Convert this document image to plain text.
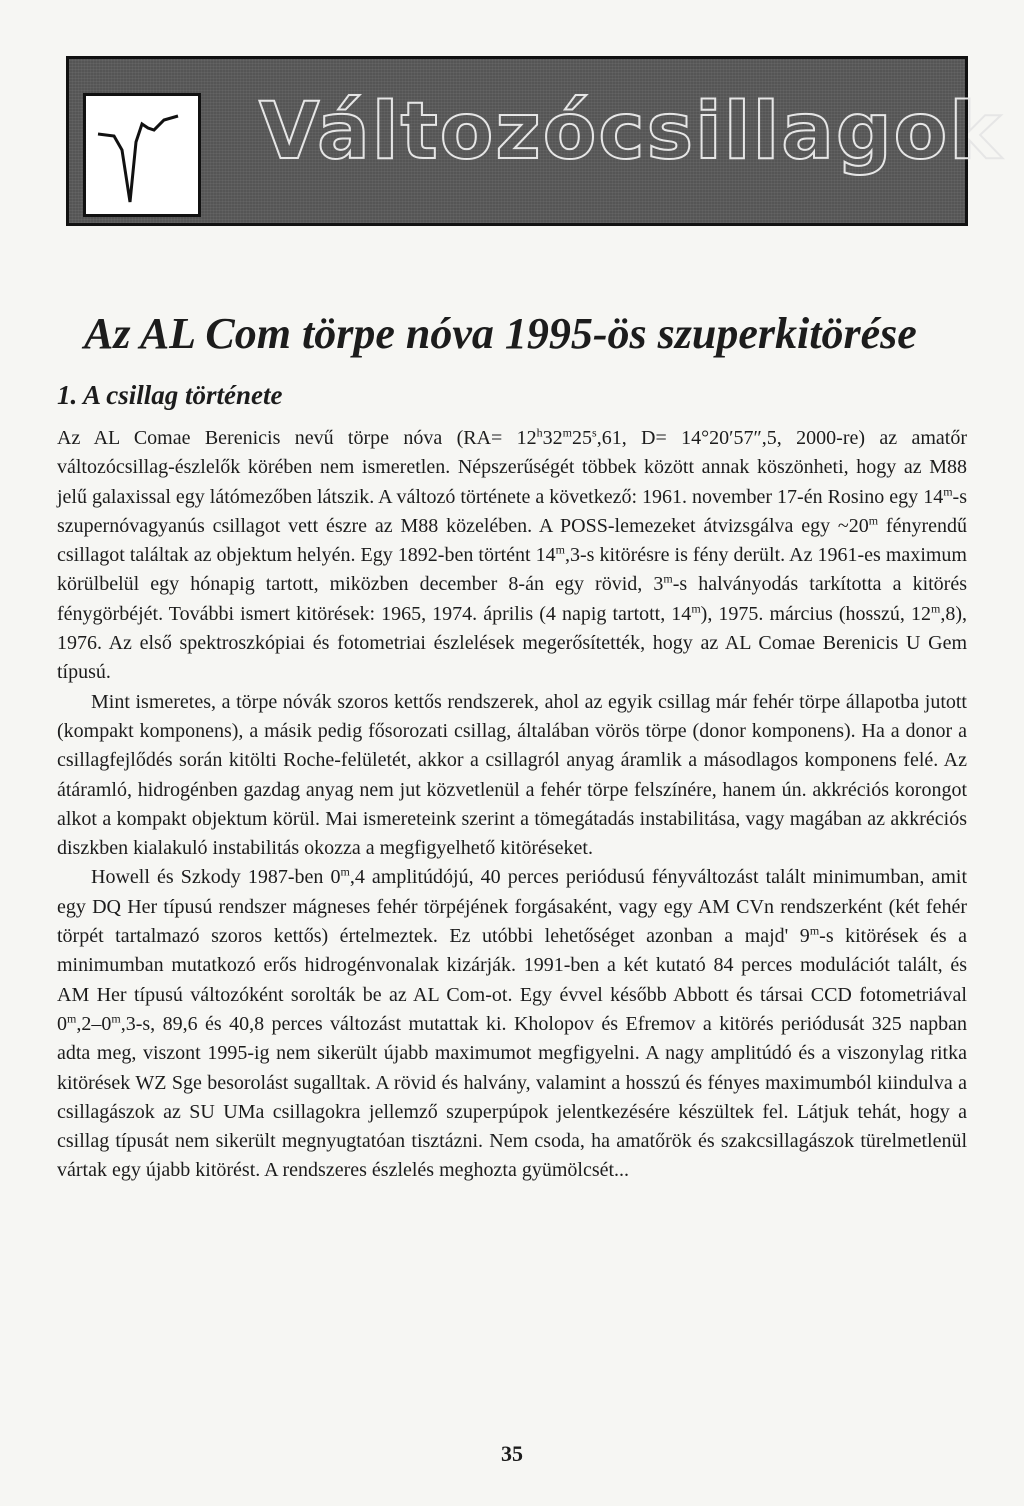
Változócsillagok
Az AL Com törpe nóva 1995-ös szuperkitörése
1. A csillag története

Az AL Comae Berenicis nevű törpe nóva ($RA= 12^h32^m25^s,61$, D= 14°20′57″,5, 2000-re) az amatőr változócsillag-észlelők körében nem ismeretlen. Népszerűségét többek között annak köszönheti, hogy az M88 jelű galaxissal egy látómezőben látszik. A változó története a következő: 1961. november 17-én Rosino egy 14$^m$-s szupernóvagyanús csillagot vett észre az M88 közelében. A POSS-lemezeket átvizsgálva egy ~20$^m$ fényrendű csillagot találtak az objektum helyén. Egy 1892-ben történt 14$^m$,3-s kitörésre is fény derült. Az 1961-es maximum körülbelül egy hónapig tartott, miközben december 8-án egy rövid, 3$^m$-s halványodás tarkította a kitörés fénygörbéjét. További ismert kitörések: 1965, 1974. április (4 napig tartott, 14$^m$), 1975. március (hosszú, 12$^m$,8), 1976. Az első spektroszkópiai és fotometriai észlelések megerősítették, hogy az AL Comae Berenicis U Gem típusú.

Mint ismeretes, a törpe nóvák szoros kettős rendszerek, ahol az egyik csillag már fehér törpe állapotba jutott (kompakt komponens), a másik pedig fősorozati csillag, általában vörös törpe (donor komponens). Ha a donor a csillagfejlődés során kitölti Roche-felületét, akkor a csillagról anyag áramlik a másodlagos komponens felé. Az átáramló, hidrogénben gazdag anyag nem jut közvetlenül a fehér törpe felszínére, hanem ún. akkréciós korongot alkot a kompakt objektum körül. Mai ismereteink szerint a tömegátadás instabilitása, vagy magában az akkréciós diszkben kialakuló instabilitás okozza a megfigyelhető kitöréseket.

Howell és Szkody 1987-ben 0$^m$,4 amplitúdójú, 40 perces periódusú fényváltozást talált minimumban, amit egy DQ Her típusú rendszer mágneses fehér törpéjének forgásaként, vagy egy AM CVn rendszerként (két fehér törpét tartalmazó szoros kettős) értelmeztek. Ez utóbbi lehetőséget azonban a majd' 9$^m$-s kitörések és a minimumban mutatkozó erős hidrogénvonalak kizárják. 1991-ben a két kutató 84 perces modulációt talált, és AM Her típusú változóként sorolták be az AL Com-ot. Egy évvel később Abbott és társai CCD fotometriával 0$^m$,2–0$^m$,3-s, 89,6 és 40,8 perces változást mutattak ki. Kholopov és Efremov a kitörés periódusát 325 napban adta meg, viszont 1995-ig nem sikerült újabb maximumot megfigyelni. A nagy amplitúdó és a viszonylag ritka kitörések WZ Sge besorolást sugalltak. A rövid és halvány, valamint a hosszú és fényes maximumból kiindulva a csillagászok az SU UMa csillagokra jellemző szuperpúpok jelentkezésére készültek fel. Látjuk tehát, hogy a csillag típusát nem sikerült megnyugtatóan tisztázni. Nem csoda, ha amatőrök és szakcsillagászok türelmetlenül vártak egy újabb kitörést. A rendszeres észlelés meghozta gyümölcsét...

35
